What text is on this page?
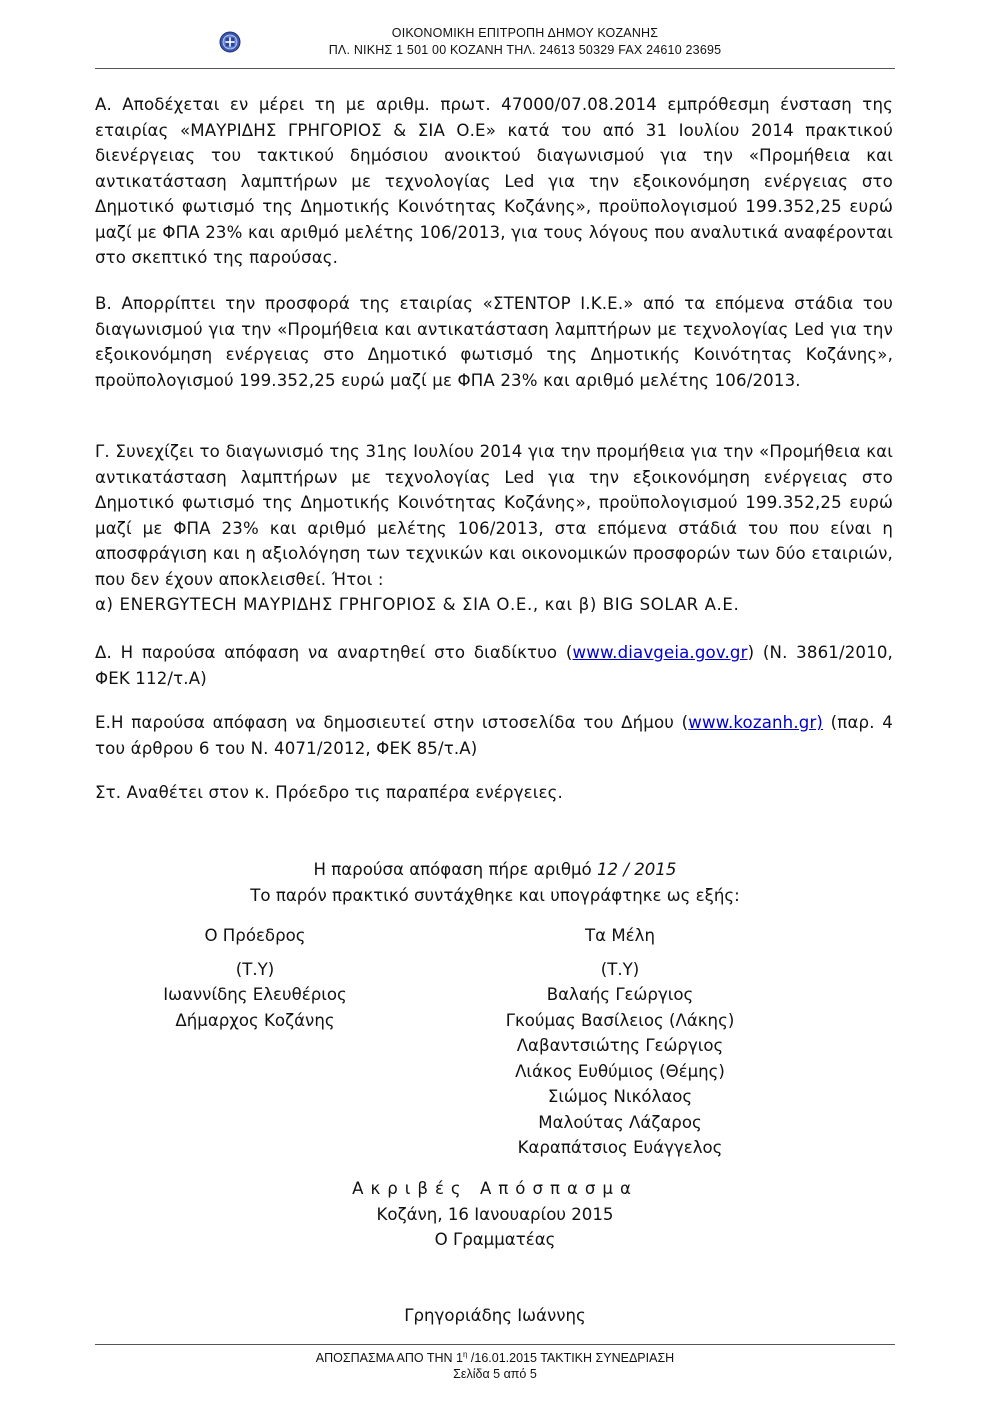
ΟΙΚΟΝΟΜΙΚΗ ΕΠΙΤΡΟΠΗ ΔΗΜΟΥ ΚΟΖΑΝΗΣ
ΠΛ. ΝΙΚΗΣ 1 501 00 ΚΟΖΑΝΗ ΤΗΛ. 24613 50329 FAX 24610 23695

Α. Αποδέχεται εν μέρει τη με αριθμ. πρωτ. 47000/07.08.2014 εμπρόθεσμη ένσταση της εταιρίας «ΜΑΥΡΙΔΗΣ ΓΡΗΓΟΡΙΟΣ & ΣΙΑ Ο.Ε» κατά του από 31 Ιουλίου 2014 πρακτικού διενέργειας του τακτικού δημόσιου ανοικτού διαγωνισμού για την «Προμήθεια και αντικατάσταση λαμπτήρων με τεχνολογίας Led για την εξοικονόμηση ενέργειας στο Δημοτικό φωτισμό της Δημοτικής Κοινότητας Κοζάνης», προϋπολογισμού 199.352,25 ευρώ μαζί με ΦΠΑ 23% και αριθμό μελέτης 106/2013, για τους λόγους που αναλυτικά αναφέρονται στο σκεπτικό της παρούσας.

Β. Απορρίπτει την προσφορά της εταιρίας «ΣΤΕΝΤΟΡ Ι.Κ.Ε.» από τα επόμενα στάδια του διαγωνισμού για την «Προμήθεια και αντικατάσταση λαμπτήρων με τεχνολογίας Led για την εξοικονόμηση ενέργειας στο Δημοτικό φωτισμό της Δημοτικής Κοινότητας Κοζάνης», προϋπολογισμού 199.352,25 ευρώ μαζί με ΦΠΑ 23% και αριθμό μελέτης 106/2013.

Γ. Συνεχίζει το διαγωνισμό της 31ης Ιουλίου 2014 για την προμήθεια για την «Προμήθεια και αντικατάσταση λαμπτήρων με τεχνολογίας Led για την εξοικονόμηση ενέργειας στο Δημοτικό φωτισμό της Δημοτικής Κοινότητας Κοζάνης», προϋπολογισμού 199.352,25 ευρώ μαζί με ΦΠΑ 23% και αριθμό μελέτης 106/2013, στα επόμενα στάδιά του που είναι η αποσφράγιση και η αξιολόγηση των τεχνικών και οικονομικών προσφορών των δύο εταιριών, που δεν έχουν αποκλεισθεί. Ήτοι :

α) ENERGYTECH ΜΑΥΡΙΔΗΣ ΓΡΗΓΟΡΙΟΣ & ΣΙΑ Ο.Ε., και β) BIG SOLAR Α.Ε.

Δ. Η παρούσα απόφαση να αναρτηθεί στο διαδίκτυο (www.diavgeia.gov.gr) (Ν. 3861/2010, ΦΕΚ 112/τ.Α)

Ε.Η παρούσα απόφαση να δημοσιευτεί στην ιστοσελίδα του Δήμου (www.kozanh.gr) (παρ. 4 του άρθρου 6 του Ν. 4071/2012, ΦΕΚ 85/τ.Α)

Στ. Αναθέτει στον κ. Πρόεδρο τις παραπέρα ενέργειες.

Η παρούσα απόφαση πήρε αριθμό 12 / 2015
Το παρόν πρακτικό συντάχθηκε και υπογράφτηκε ως εξής:
Ο Πρόεδρος
(Τ.Υ)
Ιωαννίδης Ελευθέριος
Δήμαρχος Κοζάνης
Τα Μέλη
(Τ.Υ)
Βαλαής Γεώργιος
Γκούμας Βασίλειος (Λάκης)
Λαβαντσιώτης Γεώργιος
Λιάκος Ευθύμιος (Θέμης)
Σιώμος Νικόλαος
Μαλούτας Λάζαρος
Καραπάτσιος Ευάγγελος
Ακριβές Απόσπασμα
Κοζάνη, 16 Ιανουαρίου 2015
Ο Γραμματέας
Γρηγοριάδης Ιωάννης
ΑΠΟΣΠΑΣΜΑ ΑΠΟ ΤΗΝ $1^\eta$ /16.01.2015 ΤΑΚΤΙΚΗ ΣΥΝΕΔΡΙΑΣΗ
Σελίδα 5 από 5
